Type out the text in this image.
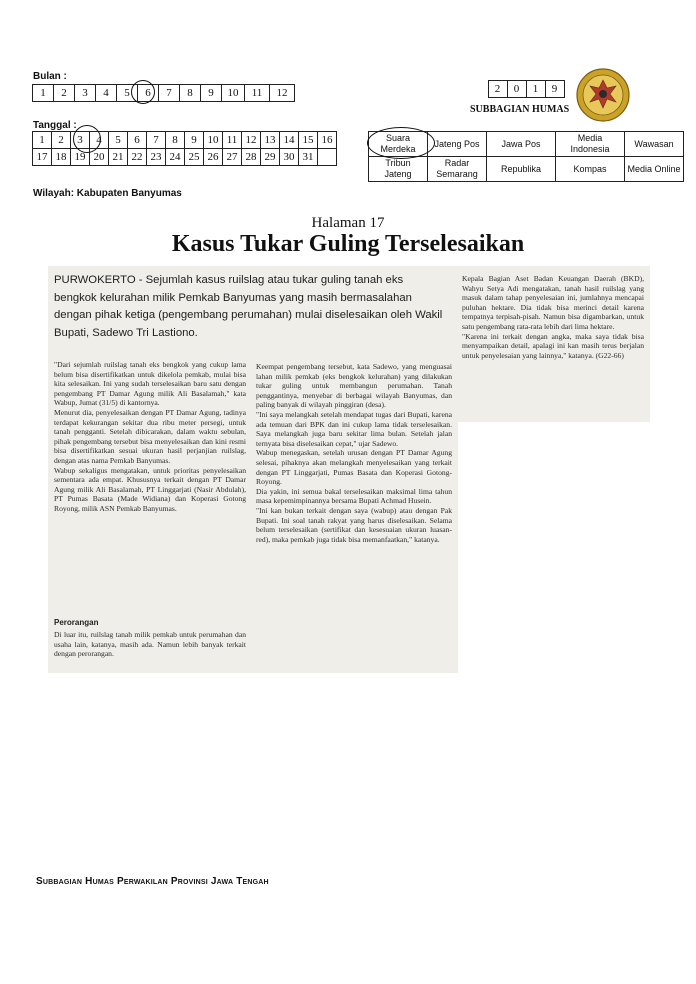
Bulan :
1	2	3	4	5	6	7	8	9	10	11	12	2	0	1	9
SUBBAGIAN HUMAS
Tanggal :
1	2	3	4	5	6	7	8	9	10	11	12	13	14	15	16
17	18	19	20	21	22	23	24	25	26	27	28	29	30	31	
Suara Merdeka	Jateng Pos	Jawa Pos	Media Indonesia	Wawasan
Tribun Jateng	Radar Semarang	Republika	Kompas	Media Online
Wilayah: Kabupaten Banyumas
Halaman 17
Kasus Tukar Guling Terselesaikan
PURWOKERTO - Sejumlah kasus ruilslag atau tukar guling tanah eks bengkok kelurahan milik Pemkab Banyumas yang masih bermasalahan dengan pihak ketiga (pengembang perumahan) mulai diselesaikan oleh Wakil Bupati, Sadewo Tri Lastiono.
"Dari sejumlah ruilslag tanah eks bengkok yang cukup lama belum bisa disertifikatkan untuk dikelola pemkab, mulai bisa kita selesaikan. Ini yang sudah terselesaikan baru satu dengan pengembang PT Damar Agung milik Ali Basalamah," kata Wabup, Jumat (31/5) di kantornya.
Menurut dia, penyelesaikan dengan PT Damar Agung, tadinya terdapat kekurangan sekitar dua ribu meter persegi, untuk tanah pengganti. Setelah dibicarakan, dalam waktu sebulan, pihak pengembang tersebut bisa menyelesaikan dan kini resmi bisa disertifikatkan sesuai ukuran hasil perjanjian ruilslag, dengan atas nama Pemkab Banyumas.
Wabup sekaligus mengatakan, untuk prioritas penyelesaikan sementara ada empat. Khususnya terkait dengan PT Damar Agung milik Ali Basalamah, PT Linggarjati (Nasir Abdulah), PT Pumas Basata (Made Widiana) dan Koperasi Gotong Royong, milik ASN Pemkab Banyumas.
Perorangan
Di luar itu, ruilslag tanah milik pemkab untuk perumahan dan usaha lain, katanya, masih ada. Namun lebih banyak terkait dengan perorangan.
Keempat pengembang tersebut, kata Sadewo, yang menguasai lahan milik pemkab (eks bengkok kelurahan) yang dilakukan tukar guling untuk membangun perumahan. Tanah penggantinya, menyebar di berbagai wilayah Banyumas, dan paling banyak di wilayah pinggiran (desa).
"Ini saya melangkah setelah mendapat tugas dari Bupati, karena ada temuan dari BPK dan ini cukup lama tidak terselesaikan. Saya melangkah juga baru sekitar lima bulan. Setelah jalan ternyata bisa diselesaikan cepat," ujar Sadewo.
Wabup menegaskan, setelah urusan dengan PT Damar Agung selesai, pihaknya akan melangkah menyelesaikan yang terkait dengan PT Linggarjati, Pumas Basata dan Koperasi Gotong-Royong.
Dia yakin, ini semua bakal terselesaikan maksimal lima tahun masa kepemimpinannya bersama Bupati Achmad Husein.
"Ini kan bukan terkait dengan saya (wabup) atau dengan Pak Bupati. Ini soal tanah rakyat yang harus diselesaikan. Selama belum terselesaikan (sertifikat dan kesesuaian ukuran luasan-red), maka pemkab juga tidak bisa memanfaatkan," katanya.
Kepala Bagian Aset Badan Keuangan Daerah (BKD), Wahyu Setya Adi mengatakan, tanah hasil ruilslag yang masuk dalam tahap penyelesaian ini, jumlahnya mencapai puluhan hektare. Dia tidak bisa merinci detail karena tempatnya terpisah-pisah. Namun bisa digambarkan, untuk satu pengembang rata-rata lebih dari lima hektare.
"Karena ini terkait dengan angka, maka saya tidak bisa menyampaikan detail, apalagi ini kan masih terus berjalan untuk penyelesaian yang lainnya," katanya. (G22-66)
Subbagian Humas Perwakilan Provinsi Jawa Tengah
